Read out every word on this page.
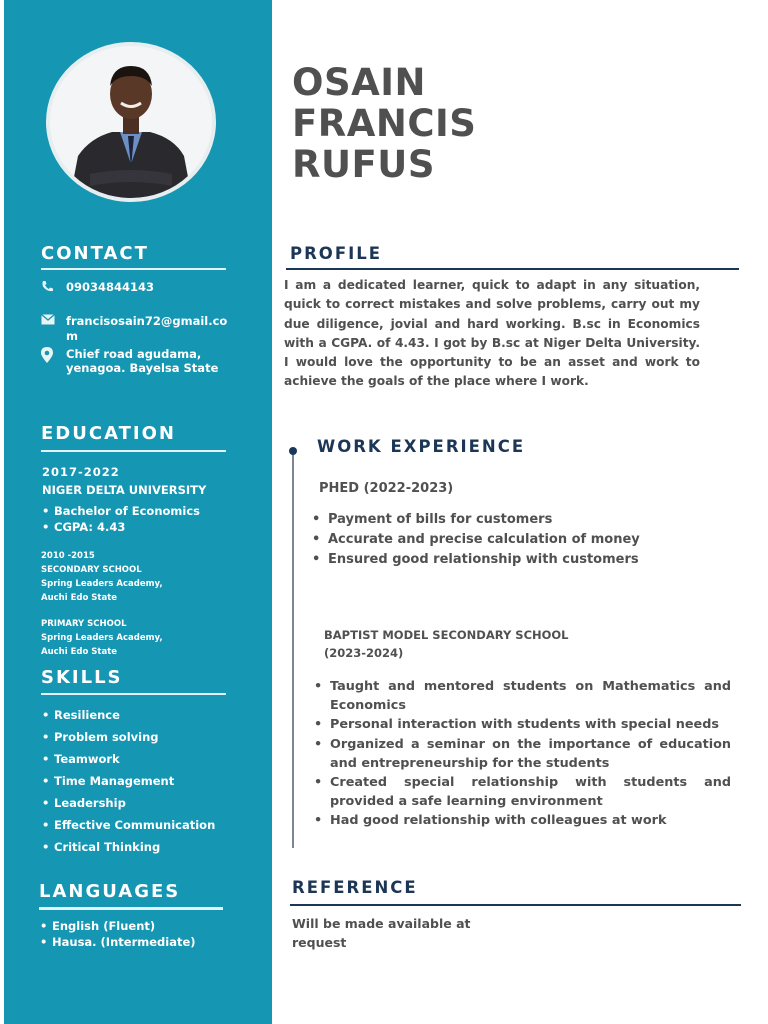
CONTACT
09034844143
francisosain72@gmail.co
m
Chief road agudama,
yenagoa. Bayelsa State
EDUCATION
2017-2022
NIGER DELTA UNIVERSITY
• Bachelor of Economics
• CGPA: 4.43
2010 -2015
SECONDARY SCHOOL
Spring Leaders Academy,
Auchi Edo State
PRIMARY SCHOOL
Spring Leaders Academy,
Auchi Edo State
SKILLS
• Resilience
• Problem solving
• Teamwork
• Time Management
• Leadership
• Effective Communication
• Critical Thinking
LANGUAGES
• English (Fluent)
• Hausa. (Intermediate)
OSAIN
FRANCIS
RUFUS
PROFILE
I am a dedicated learner, quick to adapt in any situation, quick to correct mistakes and solve problems, carry out my due diligence, jovial and hard working. B.sc in Economics with a CGPA. of 4.43. I got by B.sc at Niger Delta University. I would love the opportunity to be an asset and work to achieve the goals of the place where I work.
WORK EXPERIENCE
PHED (2022-2023)
• Payment of bills for customers
• Accurate and precise calculation of money
• Ensured good relationship with customers
BAPTIST MODEL SECONDARY SCHOOL
(2023-2024)
• Taught and mentored students on Mathematics and Economics
• Personal interaction with students with special needs
• Organized a seminar on the importance of education and entrepreneurship for the students
• Created special relationship with students and provided a safe learning environment
• Had good relationship with colleagues at work
REFERENCE
Will be made available at request
